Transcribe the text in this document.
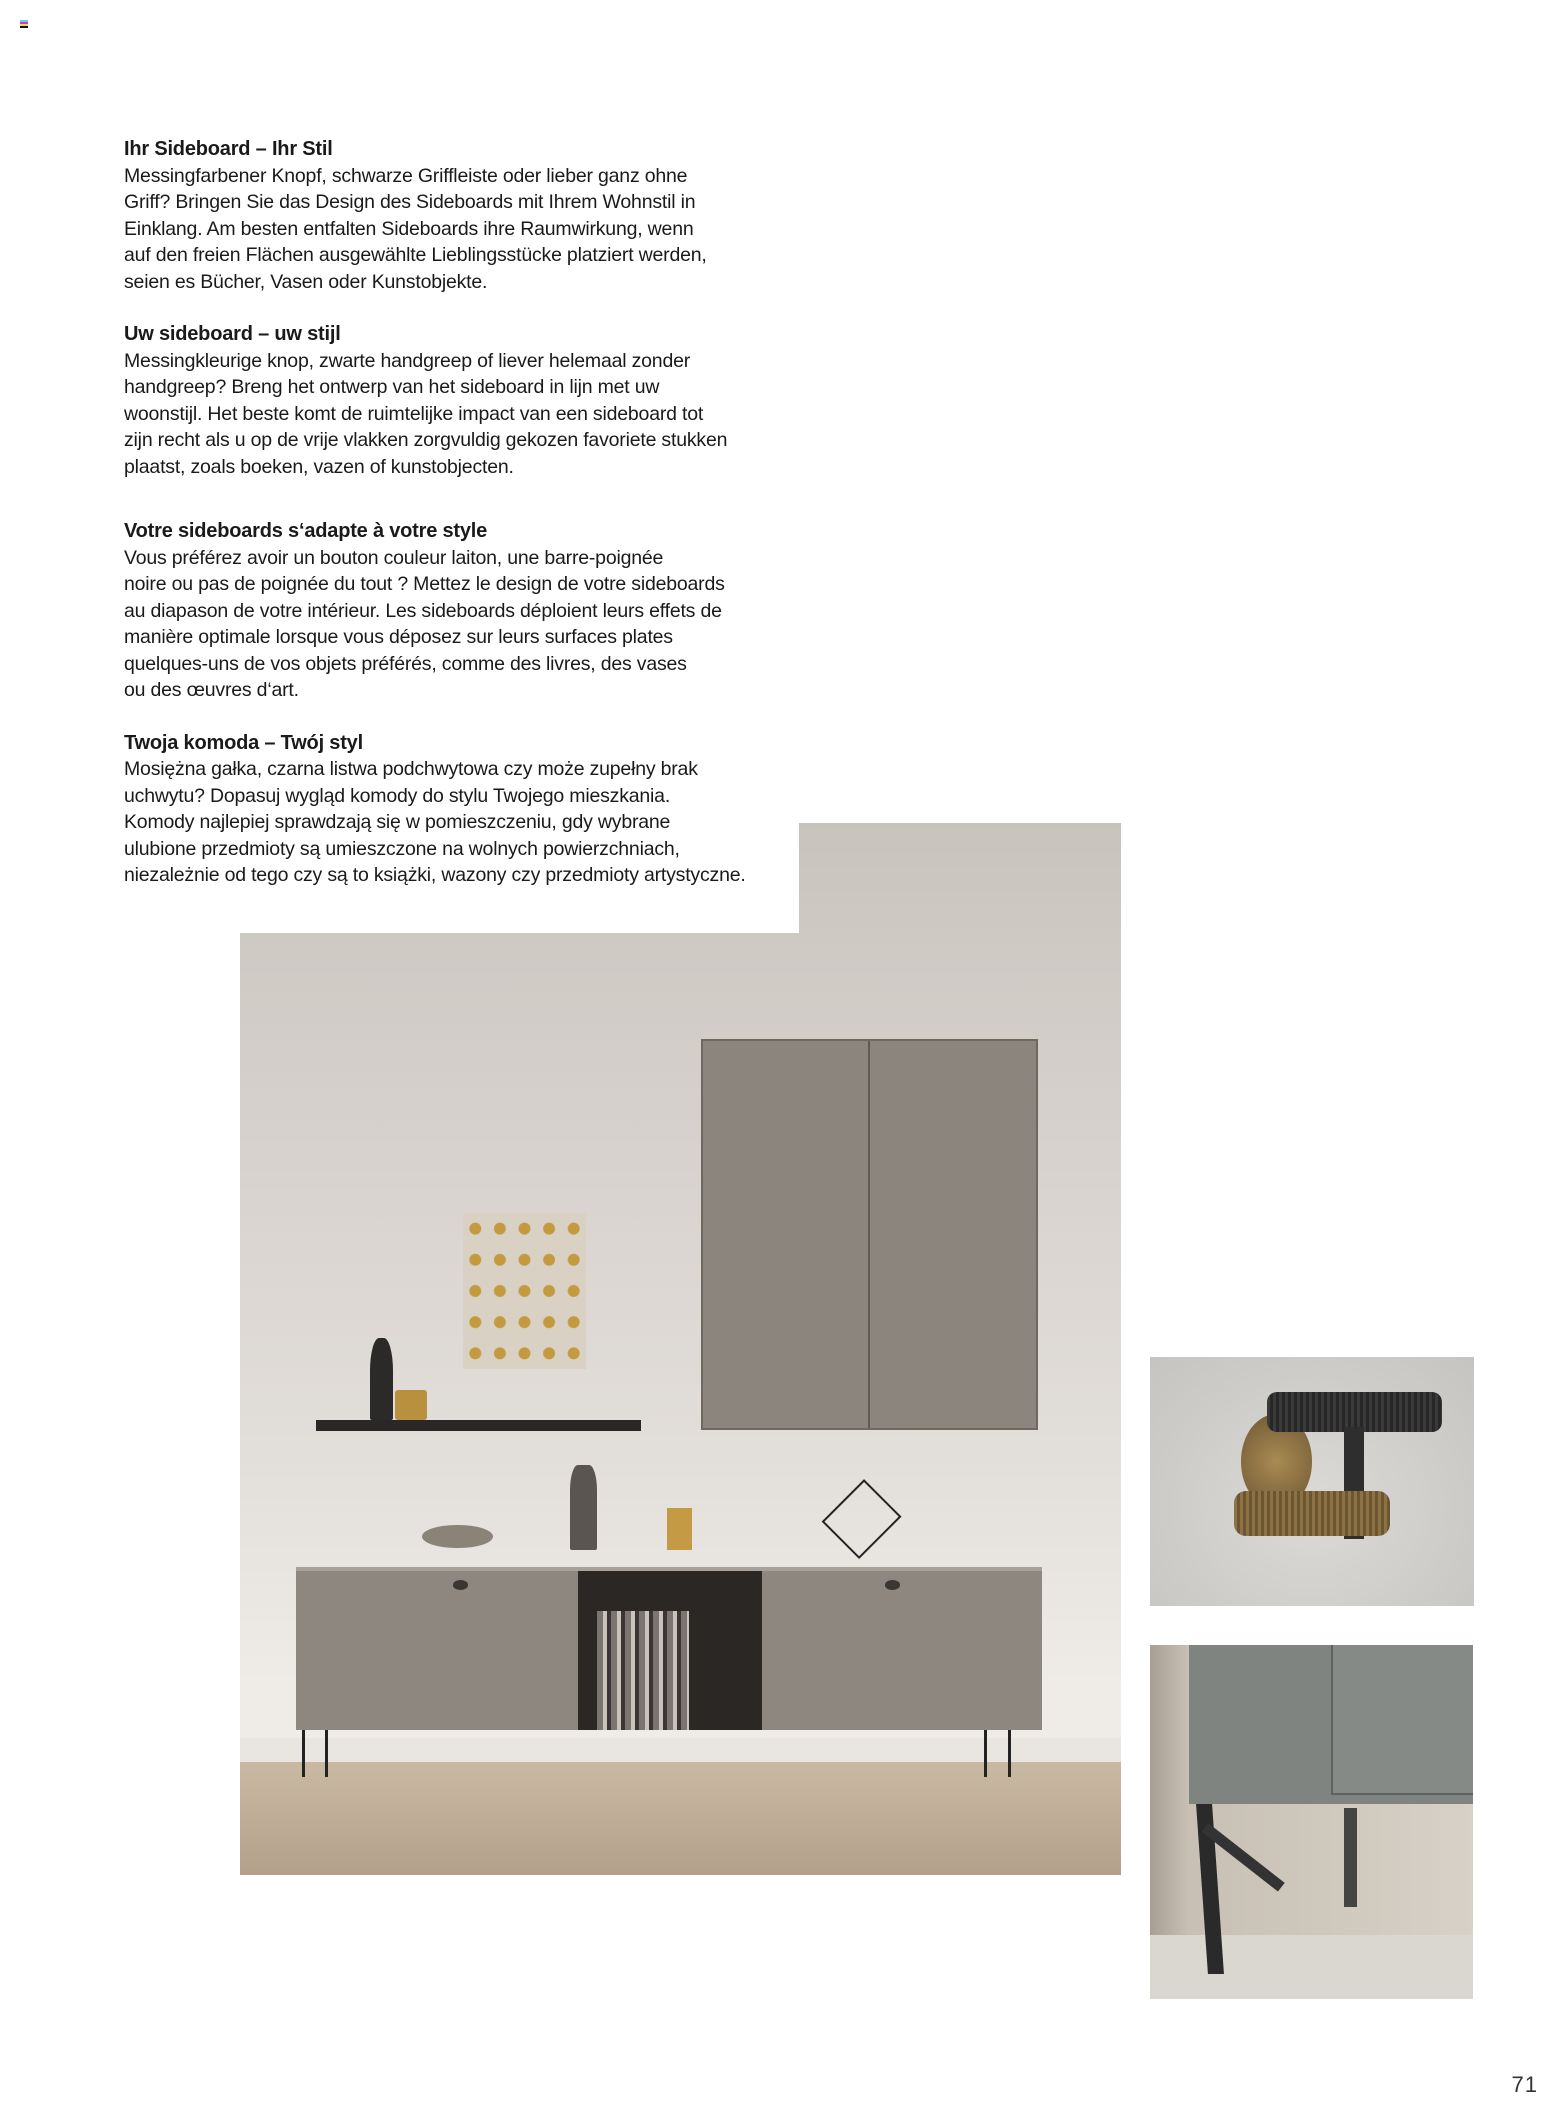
Ihr Sideboard – Ihr Stil

Messingfarbener Knopf, schwarze Griffleiste oder lieber ganz ohne
Griff? Bringen Sie das Design des Sideboards mit Ihrem Wohnstil in
Einklang. Am besten entfalten Sideboards ihre Raumwirkung, wenn
auf den freien Flächen ausgewählte Lieblingsstücke platziert werden,
seien es Bücher, Vasen oder Kunstobjekte.

Uw sideboard – uw stijl

Messingkleurige knop, zwarte handgreep of liever helemaal zonder
handgreep? Breng het ontwerp van het sideboard in lijn met uw
woonstijl. Het beste komt de ruimtelijke impact van een sideboard tot
zijn recht als u op de vrije vlakken zorgvuldig gekozen favoriete stukken
plaatst, zoals boeken, vazen of kunstobjecten.

Votre sideboards s‘adapte à votre style

Vous préférez avoir un bouton couleur laiton, une barre-poignée
noire ou pas de poignée du tout ? Mettez le design de votre sideboards
au diapason de votre intérieur. Les sideboards déploient leurs effets de
manière optimale lorsque vous déposez sur leurs surfaces plates
quelques-uns de vos objets préférés, comme des livres, des vases
ou des œuvres d‘art.

Twoja komoda – Twój styl

Mosiężna gałka, czarna listwa podchwytowa czy może zupełny brak
uchwytu? Dopasuj wygląd komody do stylu Twojego mieszkania.
Komody najlepiej sprawdzają się w pomieszczeniu, gdy wybrane
ulubione przedmioty są umieszczone na wolnych powierzchniach,
niezależnie od tego czy są to książki, wazony czy przedmioty artystyczne.

71
